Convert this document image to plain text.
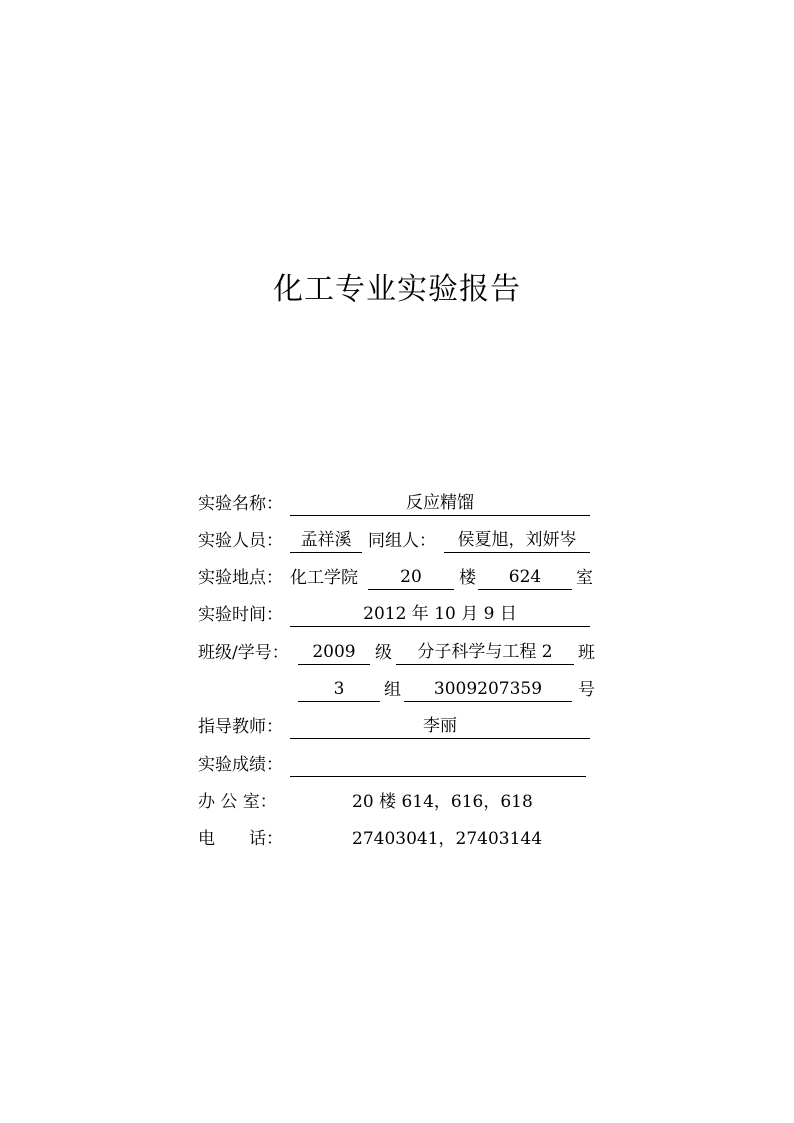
化工专业实验报告
实验名称：	反应精馏
实验人员：	孟祥溪 同组人：	侯夏旭，刘妍岑
实验地点： 化工学院	20	楼	624	室
实验时间：	2012 年 10 月 9 日
班级/学号：	2009	级	分子科学与工程 2	班
3	组	3009207359	号
指导教师：	李丽
实验成绩：
办 公 室：	20 楼 614，616，618
电　　话：	27403041，27403144
